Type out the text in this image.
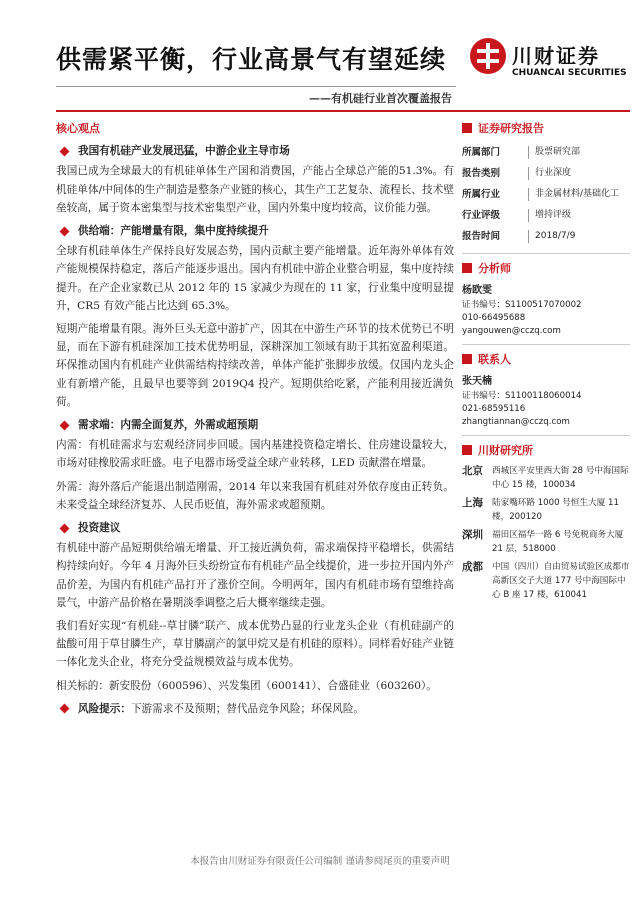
供需紧平衡，行业高景气有望延续	川财证券
CHUANCAI SECURITIES
——有机硅行业首次覆盖报告
核心观点
我国有机硅产业发展迅猛，中游企业主导市场
我国已成为全球最大的有机硅单体生产国和消费国，产能占全球总产能的51.3%。有机硅单体/中间体的生产制造是整条产业链的核心，其生产工艺复杂、流程长、技术壁垒较高，属于资本密集型与技术密集型产业，国内外集中度均较高，议价能力强。
供给端：产能增量有限，集中度持续提升
全球有机硅单体生产保持良好发展态势，国内贡献主要产能增量。近年海外单体有效产能规模保持稳定，落后产能逐步退出。国内有机硅中游企业整合明显，集中度持续提升。在产企业家数已从 2012 年的 15 家减少为现在的 11 家，行业集中度明显提升，CR5 有效产能占比达到 65.3%。
短期产能增量有限。海外巨头无意中游扩产，因其在中游生产环节的技术优势已不明显，而在下游有机硅深加工技术优势明显，深耕深加工领域有助于其拓宽盈利渠道。环保推动国内有机硅产业供需结构持续改善，单体产能扩张脚步放缓。仅国内龙头企业有新增产能，且最早也要等到 2019Q4 投产。短期供给吃紧，产能利用接近满负荷。
需求端：内需全面复苏，外需或超预期
内需：有机硅需求与宏观经济同步回暖。国内基建投资稳定增长、住房建设量较大，市场对硅橡胶需求旺盛。电子电器市场受益全球产业转移，LED 贡献潜在增量。
外需：海外落后产能退出制造刚需，2014 年以来我国有机硅对外依存度由正转负。未来受益全球经济复苏、人民币贬值，海外需求或超预期。
投资建议
有机硅中游产品短期供给端无增量、开工接近满负荷，需求端保持平稳增长，供需结构持续向好。今年 4 月海外巨头纷纷宣布有机硅产品全线提价，进一步拉开国内外产品价差，为国内有机硅产品打开了涨价空间。今明两年，国内有机硅市场有望维持高景气，中游产品价格在暑期淡季调整之后大概率继续走强。
我们看好实现“有机硅--草甘膦”联产、成本优势凸显的行业龙头企业（有机硅副产的盐酸可用于草甘膦生产，草甘膦副产的氯甲烷又是有机硅的原料）。同样看好硅产业链一体化龙头企业，将充分受益规模效益与成本优势。
相关标的：新安股份（600596）、兴发集团（600141）、合盛硅业（603260）。
风险提示： 下游需求不及预期；替代品竞争风险；环保风险。
证券研究报告
所属部门	股票研究部
报告类别	行业深度
所属行业	非金属材料/基础化工
行业评级	增持评级
报告时间	2018/7/9
分析师
杨欧雯
证书编号：S1100517070002
010-66495688
yangouwen@cczq.com
联系人
张天楠
证书编号：S1100118060014
021-68595116
zhangtiannan@cczq.com
川财研究所
北京	西城区平安里西大街 28 号中海国际中心 15 楼，100034
上海	陆家嘴环路 1000 号恒生大厦 11 楼，200120
深圳	福田区福华一路 6 号免税商务大厦 21 层，518000
成都	中国（四川）自由贸易试验区成都市高新区交子大道 177 号中海国际中心 B 座 17 楼，610041
本报告由川财证券有限责任公司编制 谨请参阅尾页的重要声明
